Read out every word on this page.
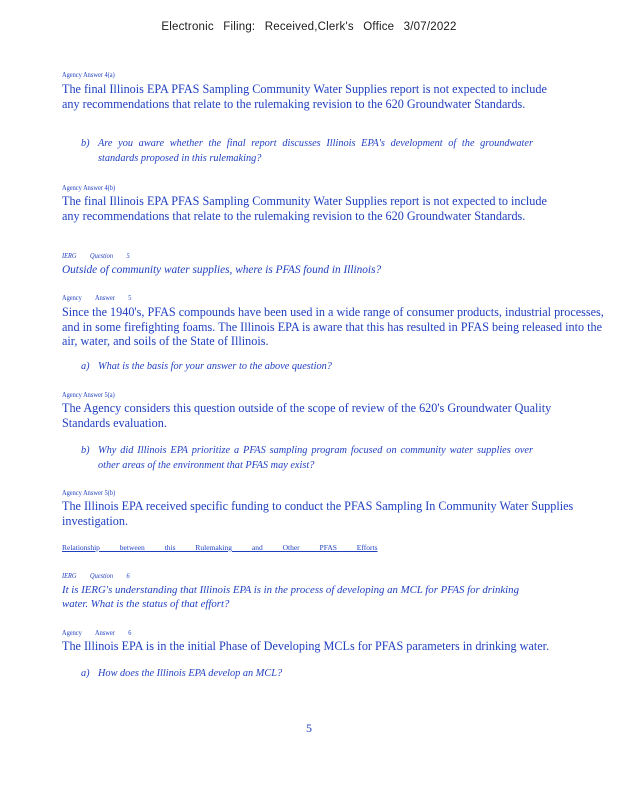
Electronic Filing: Received,Clerk's Office 3/07/2022
Agency Answer 4(a)
The final Illinois EPA PFAS Sampling Community Water Supplies report is not expected to include any recommendations that relate to the rulemaking revision to the 620 Groundwater Standards.
b) Are you aware whether the final report discusses Illinois EPA's development of the groundwater standards proposed in this rulemaking?
Agency Answer 4(b)
The final Illinois EPA PFAS Sampling Community Water Supplies report is not expected to include any recommendations that relate to the rulemaking revision to the 620 Groundwater Standards.
IERG Question 5
Outside of community water supplies, where is PFAS found in Illinois?
Agency Answer 5
Since the 1940's, PFAS compounds have been used in a wide range of consumer products, industrial processes, and in some firefighting foams. The Illinois EPA is aware that this has resulted in PFAS being released into the air, water, and soils of the State of Illinois.
a) What is the basis for your answer to the above question?
Agency Answer 5(a)
The Agency considers this question outside of the scope of review of the 620's Groundwater Quality Standards evaluation.
b) Why did Illinois EPA prioritize a PFAS sampling program focused on community water supplies over other areas of the environment that PFAS may exist?
Agency Answer 5(b)
The Illinois EPA received specific funding to conduct the PFAS Sampling In Community Water Supplies investigation.
Relationship between this Rulemaking and Other PFAS Efforts
IERG Question 6
It is IERG's understanding that Illinois EPA is in the process of developing an MCL for PFAS for drinking water. What is the status of that effort?
Agency Answer 6
The Illinois EPA is in the initial Phase of Developing MCLs for PFAS parameters in drinking water.
a) How does the Illinois EPA develop an MCL?
5
